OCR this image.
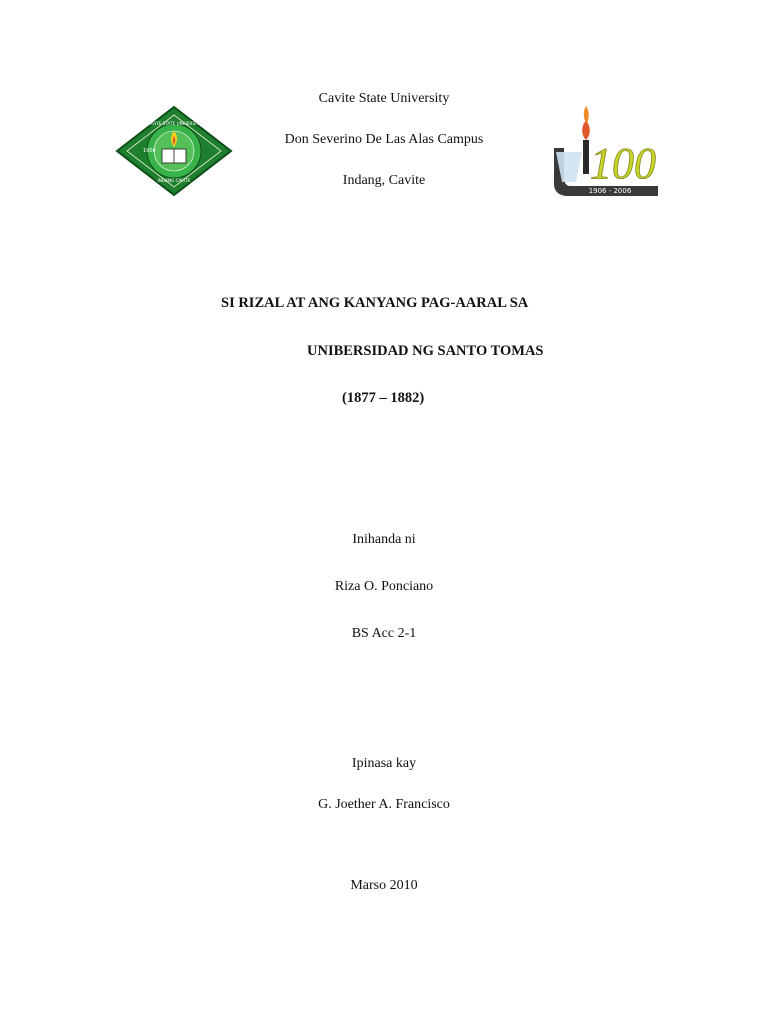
1906
CAVITE STATE UNIVERSITY
INDANG CAVITE	100
1906 - 2006
Cavite State University
Don Severino De Las Alas Campus
Indang, Cavite
SI RIZAL AT ANG KANYANG PAG-AARAL SA
UNIBERSIDAD NG SANTO TOMAS
(1877 – 1882)
Inihanda ni
Riza O. Ponciano
BS Acc 2-1
Ipinasa kay
G. Joether A. Francisco
Marso 2010
